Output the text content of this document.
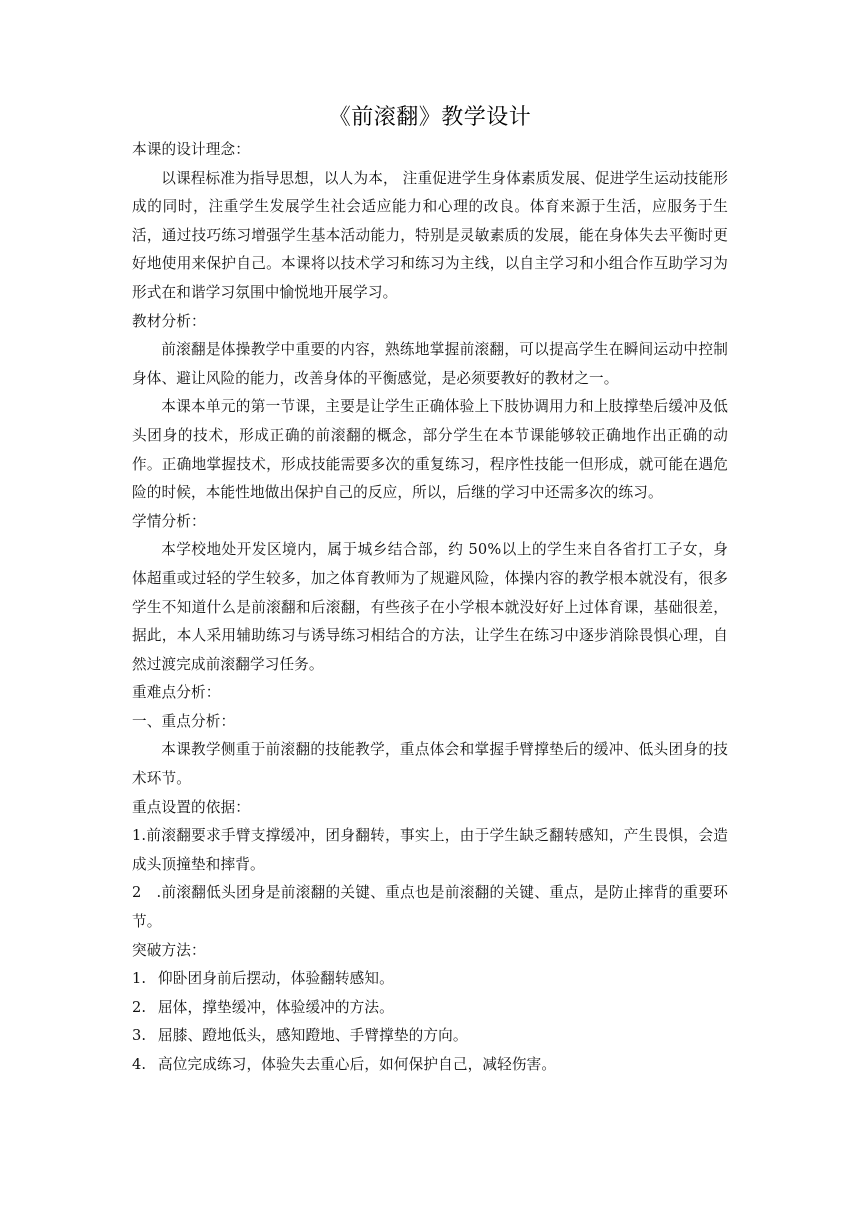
《前滚翻》教学设计

本课的设计理念：

以课程标准为指导思想，以人为本， 注重促进学生身体素质发展、促进学生运动技能形成的同时，注重学生发展学生社会适应能力和心理的改良。体育来源于生活，应服务于生活，通过技巧练习增强学生基本活动能力，特别是灵敏素质的发展，能在身体失去平衡时更好地使用来保护自己。本课将以技术学习和练习为主线，以自主学习和小组合作互助学习为形式在和谐学习氛围中愉悦地开展学习。

教材分析：

前滚翻是体操教学中重要的内容，熟练地掌握前滚翻，可以提高学生在瞬间运动中控制身体、避让风险的能力，改善身体的平衡感觉，是必须要教好的教材之一。

本课本单元的第一节课，主要是让学生正确体验上下肢协调用力和上肢撑垫后缓冲及低头团身的技术，形成正确的前滚翻的概念，部分学生在本节课能够较正确地作出正确的动作。正确地掌握技术，形成技能需要多次的重复练习，程序性技能一但形成，就可能在遇危险的时候，本能性地做出保护自己的反应，所以，后继的学习中还需多次的练习。

学情分析：

本学校地处开发区境内，属于城乡结合部，约 50%以上的学生来自各省打工子女，身体超重或过轻的学生较多，加之体育教师为了规避风险，体操内容的教学根本就没有，很多学生不知道什么是前滚翻和后滚翻，有些孩子在小学根本就没好好上过体育课，基础很差，据此，本人采用辅助练习与诱导练习相结合的方法，让学生在练习中逐步消除畏惧心理，自然过渡完成前滚翻学习任务。

重难点分析：

一、重点分析：

本课教学侧重于前滚翻的技能教学，重点体会和掌握手臂撑垫后的缓冲、低头团身的技术环节。

重点设置的依据：

1.前滚翻要求手臂支撑缓冲，团身翻转，事实上，由于学生缺乏翻转感知，产生畏惧，会造成头顶撞垫和摔背。

2　.前滚翻低头团身是前滚翻的关键、重点也是前滚翻的关键、重点，是防止摔背的重要环节。

突破方法：

1. 仰卧团身前后摆动，体验翻转感知。

2. 屈体，撑垫缓冲，体验缓冲的方法。

3. 屈膝、蹬地低头，感知蹬地、手臂撑垫的方向。

4. 高位完成练习，体验失去重心后，如何保护自己，减轻伤害。
